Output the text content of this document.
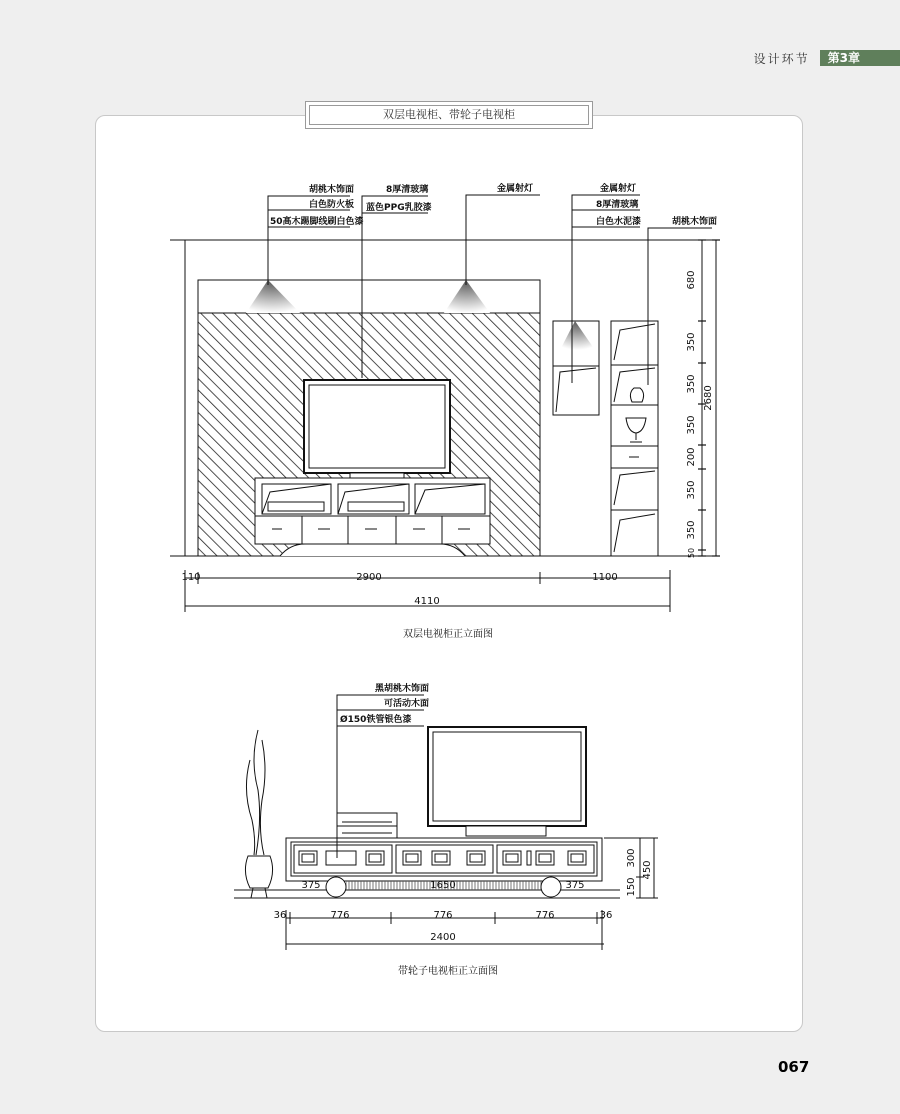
设计环节	第3章
双层电视柜、带轮子电视柜
胡桃木饰面
白色防火板
50高木踢脚线刷白色漆
8厚清玻璃
蓝色PPG乳胶漆
金属射灯	金属射灯
8厚清玻璃
白色水泥漆	胡桃木饰面
680
350
350
350
200
350
350
50
2680
110	2900	1100
4110
双层电视柜正立面图
黑胡桃木饰面
可活动木面
Ø150铁管银色漆
375	1650	375
300
150
450
36	776	776	776	36
2400
带轮子电视柜正立面图
067
